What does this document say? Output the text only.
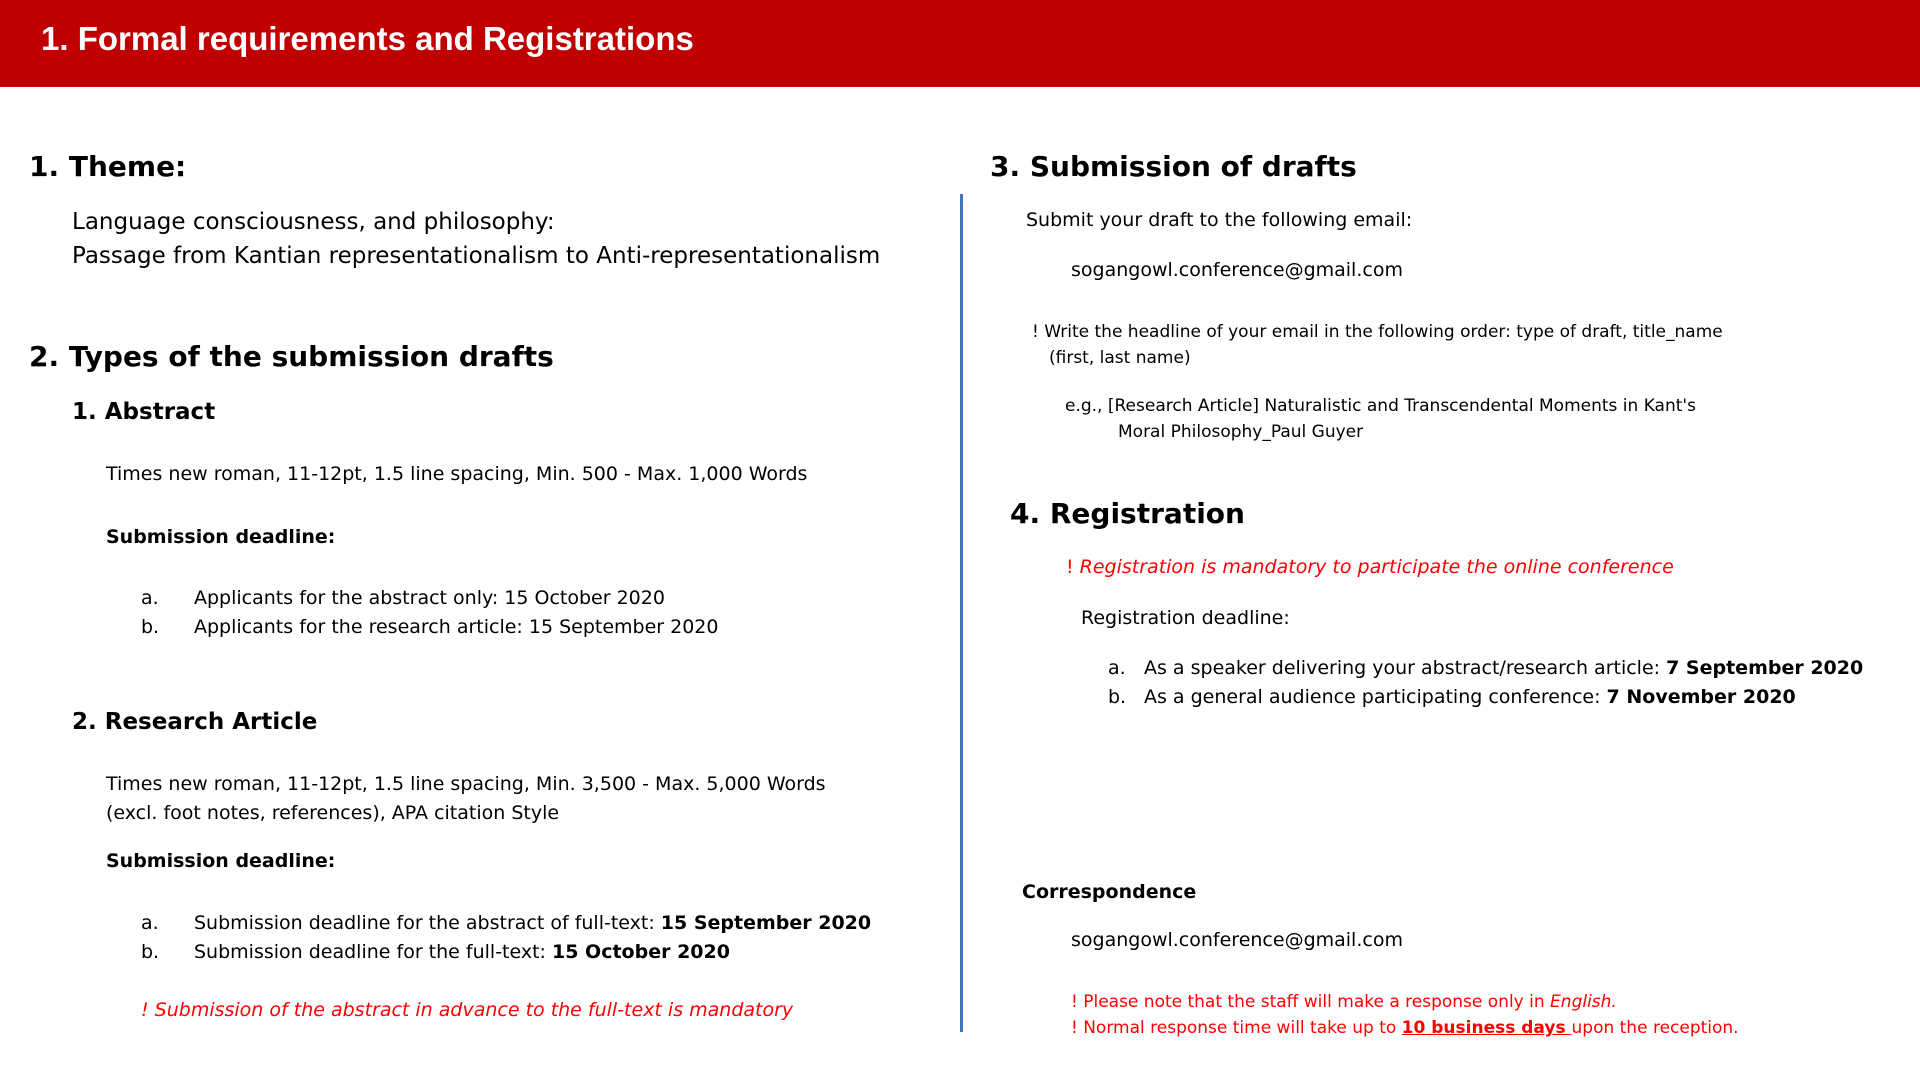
1. Formal requirements and Registrations
1. Theme:
Language consciousness, and philosophy:
Passage from Kantian representationalism to Anti-representationalism
2. Types of the submission drafts
1. Abstract
Times new roman, 11-12pt, 1.5 line spacing, Min. 500 - Max. 1,000 Words
Submission deadline:
a. Applicants for the abstract only: 15 October 2020
b. Applicants for the research article: 15 September 2020
2. Research Article
Times new roman, 11-12pt, 1.5 line spacing, Min. 3,500 - Max. 5,000 Words
(excl. foot notes, references), APA citation Style
Submission deadline:
a. Submission deadline for the abstract of full-text: 15 September 2020
b. Submission deadline for the full-text: 15 October 2020
! Submission of the abstract in advance to the full-text is mandatory
3. Submission of drafts
Submit your draft to the following email:
sogangowl.conference@gmail.com
! Write the headline of your email in the following order: type of draft, title_name
(first, last name)
e.g., [Research Article] Naturalistic and Transcendental Moments in Kant's
Moral Philosophy_Paul Guyer
4. Registration
! Registration is mandatory to participate the online conference
Registration deadline:
a. As a speaker delivering your abstract/research article: 7 September 2020
b. As a general audience participating conference: 7 November 2020
Correspondence
sogangowl.conference@gmail.com
! Please note that the staff will make a response only in English.
! Normal response time will take up to 10 business days upon the reception.
